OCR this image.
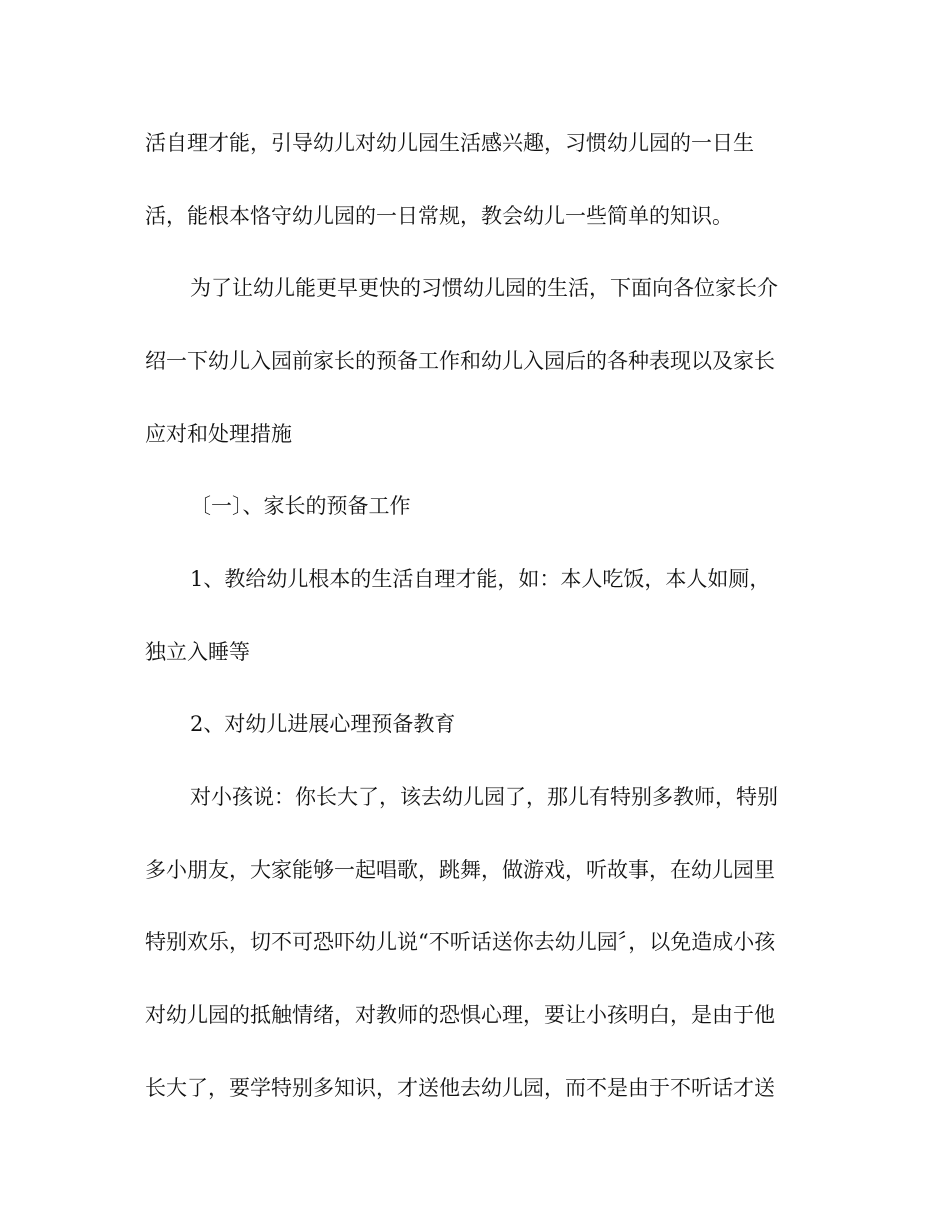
活自理才能，引导幼儿对幼儿园生活感兴趣，习惯幼儿园的一日生
活，能根本恪守幼儿园的一日常规，教会幼儿一些简单的知识。
为了让幼儿能更早更快的习惯幼儿园的生活，下面向各位家长介
绍一下幼儿入园前家长的预备工作和幼儿入园后的各种表现以及家长
应对和处理措施
〔一〕、家长的预备工作
1、教给幼儿根本的生活自理才能，如：本人吃饭，本人如厕，
独立入睡等
2、对幼儿进展心理预备教育
对小孩说：你长大了，该去幼儿园了，那儿有特别多教师，特别
多小朋友，大家能够一起唱歌，跳舞，做游戏，听故事，在幼儿园里
特别欢乐，切不可恐吓幼儿说“不听话送你去幼儿园〞，以免造成小孩
对幼儿园的抵触情绪，对教师的恐惧心理，要让小孩明白，是由于他
长大了，要学特别多知识，才送他去幼儿园，而不是由于不听话才送
